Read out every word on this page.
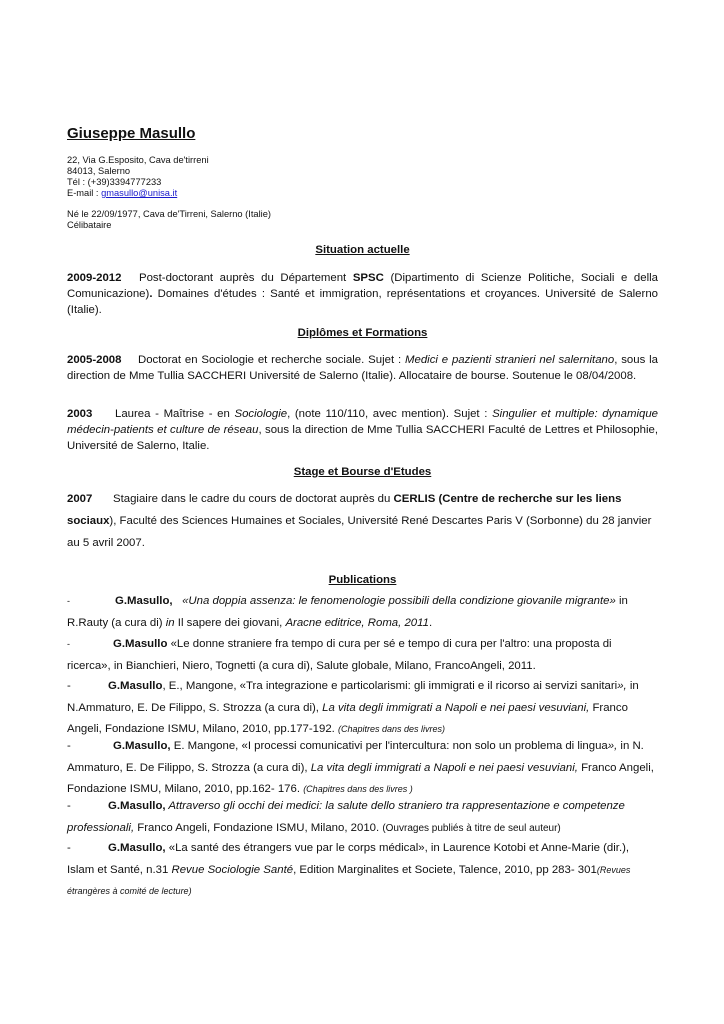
Giuseppe Masullo
22, Via G.Esposito, Cava de'tirreni
84013, Salerno
Tél : (+39)3394777233
E-mail : gmasullo@unisa.it
Né le 22/09/1977, Cava de'Tirreni, Salerno (Italie)
Célibataire
Situation actuelle
2009-2012 Post-doctorant auprès du Département SPSC (Dipartimento di Scienze Politiche, Sociali e della Comunicazione). Domaines d'études : Santé et immigration, représentations et croyances. Université de Salerno (Italie).
Diplômes et Formations
2005-2008 Doctorat en Sociologie et recherche sociale. Sujet : Medici e pazienti stranieri nel salernitano, sous la direction de Mme Tullia SACCHERI Université de Salerno (Italie). Allocataire de bourse. Soutenue le 08/04/2008.
2003 Laurea - Maîtrise - en Sociologie, (note 110/110, avec mention). Sujet : Singulier et multiple: dynamique médecin-patients et culture de réseau, sous la direction de Mme Tullia SACCHERI Faculté de Lettres et Philosophie, Université de Salerno, Italie.
Stage et Bourse d'Etudes
2007 Stagiaire dans le cadre du cours de doctorat auprès du CERLIS (Centre de recherche sur les liens sociaux), Faculté des Sciences Humaines et Sociales, Université René Descartes Paris V (Sorbonne) du 28 janvier au 5 avril 2007.
Publications
-	G.Masullo, «Una doppia assenza: le fenomenologie possibili della condizione giovanile migrante» in R.Rauty (a cura di) in Il sapere dei giovani, Aracne editrice, Roma, 2011.
-	G.Masullo «Le donne straniere fra tempo di cura per sé e tempo di cura per l'altro: una proposta di ricerca», in Bianchieri, Niero, Tognetti (a cura di), Salute globale, Milano, FrancoAngeli, 2011.
-	G.Masullo, E., Mangone, «Tra integrazione e particolarismi: gli immigrati e il ricorso ai servizi sanitari», in N.Ammaturo, E. De Filippo, S. Strozza (a cura di), La vita degli immigrati a Napoli e nei paesi vesuviani, Franco Angeli, Fondazione ISMU, Milano, 2010, pp.177-192. (Chapitres dans des livres)
-	G.Masullo, E. Mangone, «I processi comunicativi per l'intercultura: non solo un problema di lingua», in N. Ammaturo, E. De Filippo, S. Strozza (a cura di), La vita degli immigrati a Napoli e nei paesi vesuviani, Franco Angeli, Fondazione ISMU, Milano, 2010, pp.162- 176. (Chapitres dans des livres )
-	G.Masullo, Attraverso gli occhi dei medici: la salute dello straniero tra rappresentazione e competenze professionali, Franco Angeli, Fondazione ISMU, Milano, 2010. (Ouvrages publiés à titre de seul auteur)
-	G.Masullo, «La santé des étrangers vue par le corps médical», in Laurence Kotobi et Anne-Marie (dir.), Islam et Santé, n.31 Revue Sociologie Santé, Edition Marginalites et Societe, Talence, 2010, pp 283- 301(Revues étrangères à comité de lecture)
